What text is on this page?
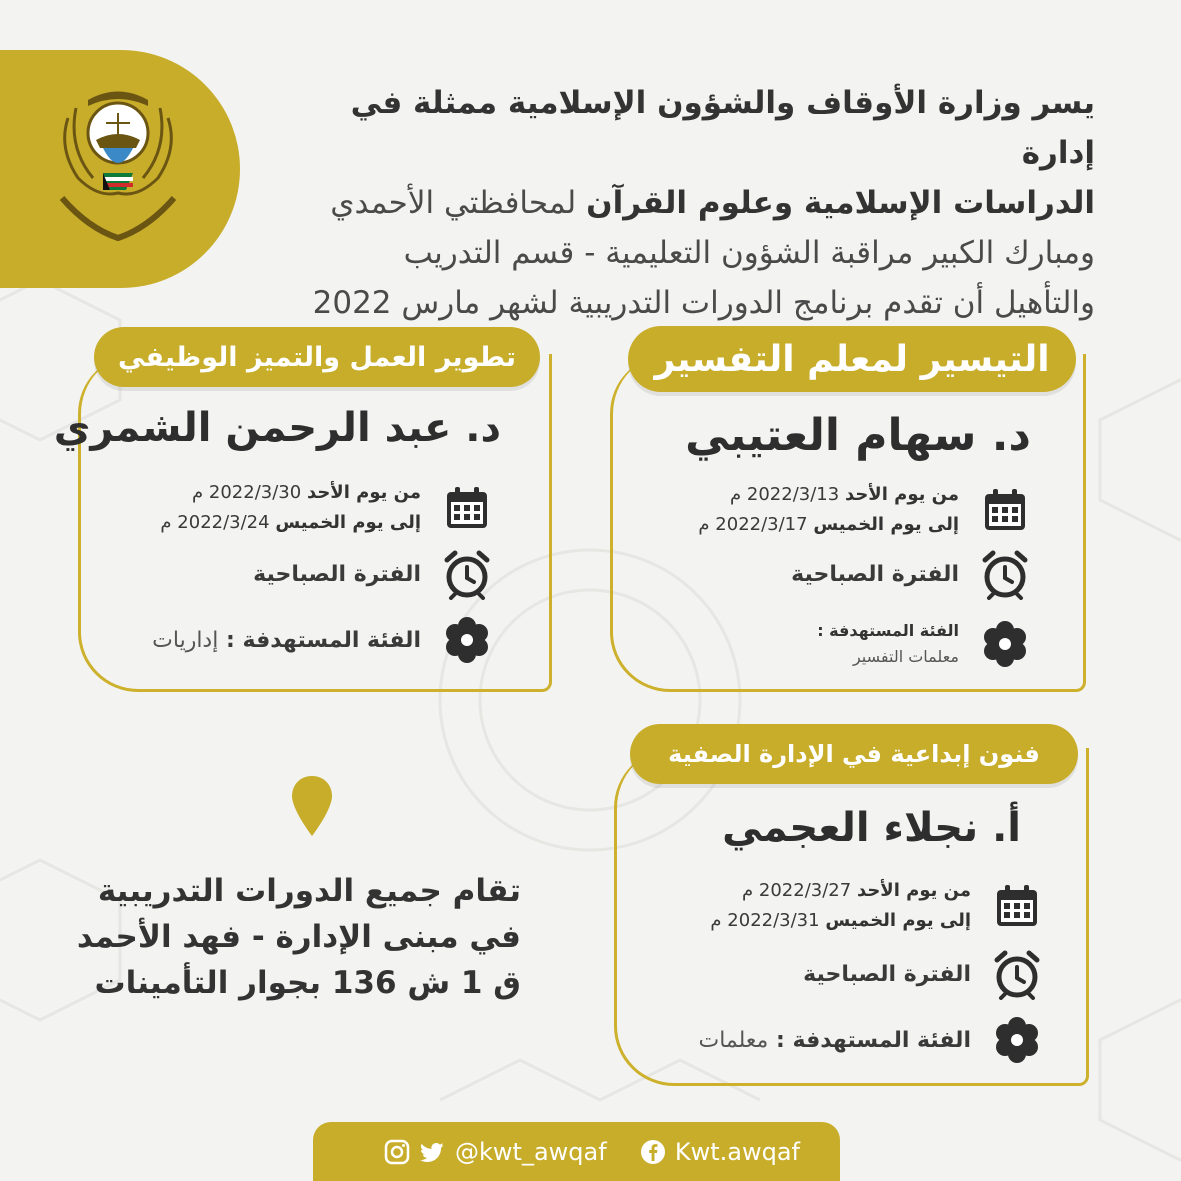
يسر وزارة الأوقاف والشؤون الإسلامية ممثلة في إدارة
الدراسات الإسلامية وعلوم القرآن لمحافظتي الأحمدي
ومبارك الكبير مراقبة الشؤون التعليمية - قسم التدريب
والتأهيل أن تقدم برنامج الدورات التدريبية لشهر مارس 2022
التيسير لمعلم التفسير
د. سهام العتيبي
من يوم الأحد 2022/3/13 م
إلى يوم الخميس 2022/3/17 م
الفترة الصباحية
الفئة المستهدفة :
معلمات التفسير
تطوير العمل والتميز الوظيفي
د. عبد الرحمن الشمري
من يوم الأحد 2022/3/30 م
إلى يوم الخميس 2022/3/24 م
الفترة الصباحية
الفئة المستهدفة : إداريات
فنون إبداعية في الإدارة الصفية
أ. نجلاء العجمي
من يوم الأحد 2022/3/27 م
إلى يوم الخميس 2022/3/31 م
الفترة الصباحية
الفئة المستهدفة : معلمات
تقام جميع الدورات التدريبية
في مبنى الإدارة - فهد الأحمد
ق 1 ش 136 بجوار التأمينات
@kwt_awqaf	Kwt.awqaf
